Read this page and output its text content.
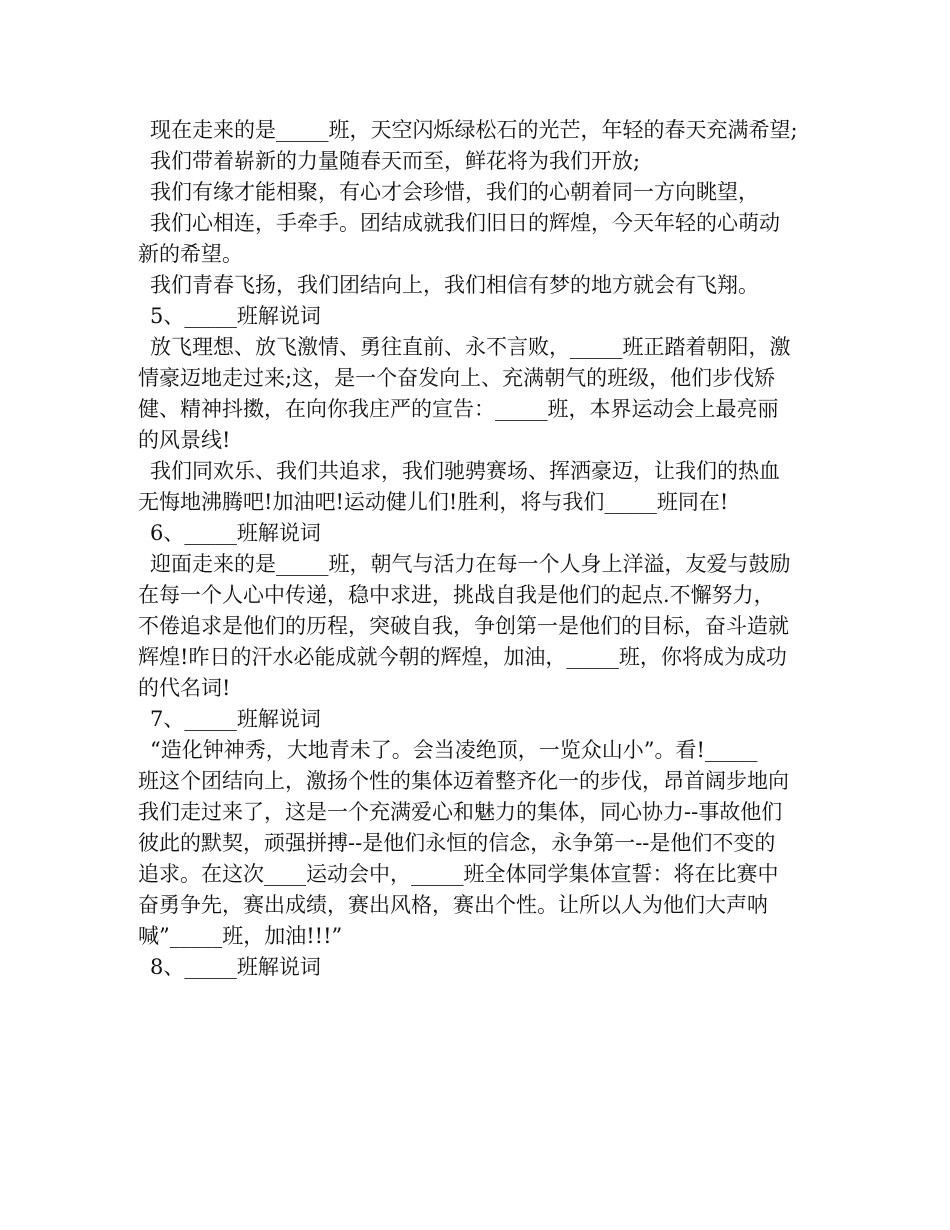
现在走来的是_____班，天空闪烁绿松石的光芒，年轻的春天充满希望;
我们带着崭新的力量随春天而至，鲜花将为我们开放;
我们有缘才能相聚，有心才会珍惜，我们的心朝着同一方向眺望，
我们心相连，手牵手。团结成就我们旧日的辉煌，今天年轻的心萌动
新的希望。
我们青春飞扬，我们团结向上，我们相信有梦的地方就会有飞翔。
5、_____班解说词
放飞理想、放飞激情、勇往直前、永不言败，_____班正踏着朝阳，激
情豪迈地走过来;这，是一个奋发向上、充满朝气的班级，他们步伐矫
健、精神抖擞，在向你我庄严的宣告：_____班，本界运动会上最亮丽
的风景线!
我们同欢乐、我们共追求，我们驰骋赛场、挥洒豪迈，让我们的热血
无悔地沸腾吧!加油吧!运动健儿们!胜利，将与我们_____班同在!
6、_____班解说词
迎面走来的是_____班，朝气与活力在每一个人身上洋溢，友爱与鼓励
在每一个人心中传递，稳中求进，挑战自我是他们的起点.不懈努力，
不倦追求是他们的历程，突破自我，争创第一是他们的目标，奋斗造就
辉煌!昨日的汗水必能成就今朝的辉煌，加油，_____班，你将成为成功
的代名词!
7、_____班解说词
“造化钟神秀，大地青未了。会当凌绝顶，一览众山小”。看!_____
班这个团结向上，激扬个性的集体迈着整齐化一的步伐，昂首阔步地向
我们走过来了，这是一个充满爱心和魅力的集体，同心协力--事故他们
彼此的默契，顽强拼搏--是他们永恒的信念，永争第一--是他们不变的
追求。在这次____运动会中，_____班全体同学集体宣誓：将在比赛中
奋勇争先，赛出成绩，赛出风格，赛出个性。让所以人为他们大声呐
喊”_____班，加油!!!”
8、_____班解说词
